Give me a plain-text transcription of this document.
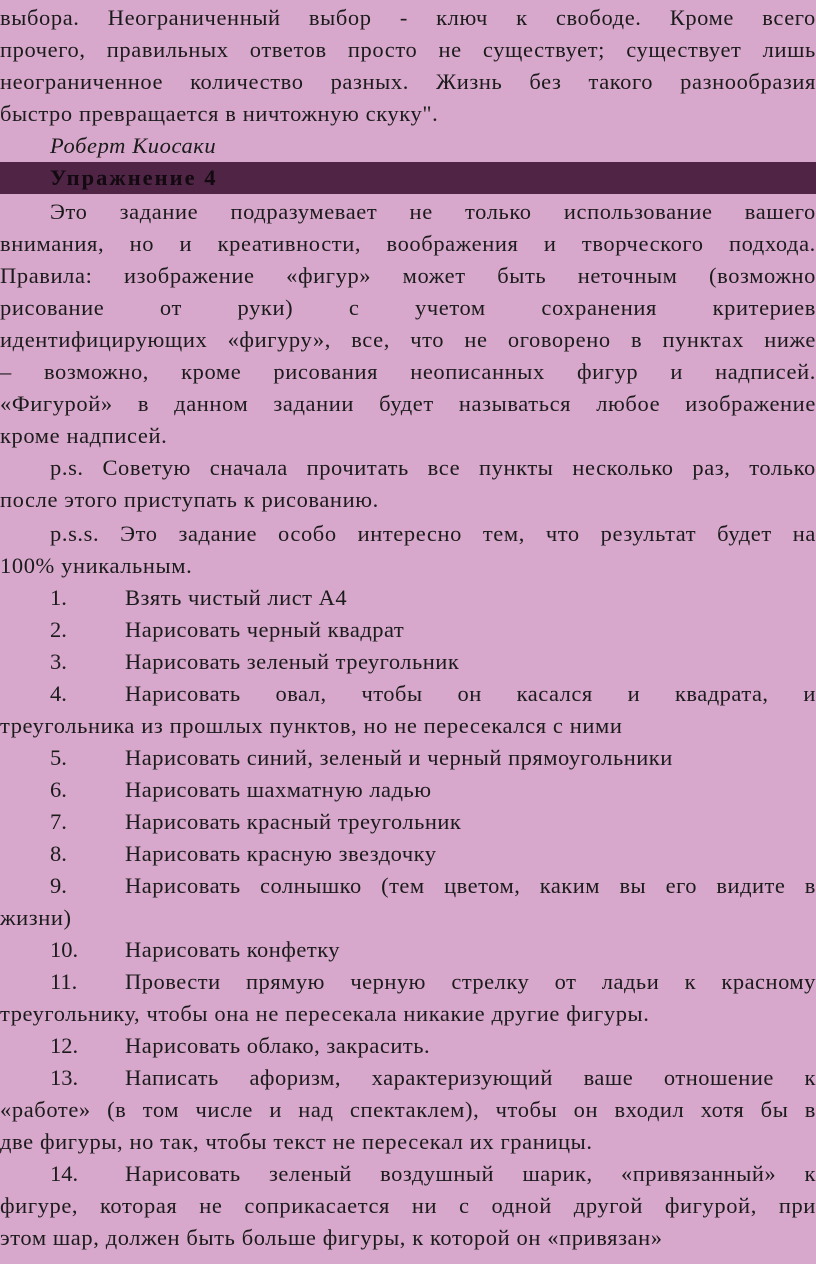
выбора. Неограниченный выбор - ключ к свободе. Кроме всего
прочего, правильных ответов просто не существует; существует лишь
неограниченное количество разных. Жизнь без такого разнообразия
быстро превращается в ничтожную скуку".
Роберт Киосаки
Упражнение 4
Это задание подразумевает не только использование вашего
внимания, но и креативности, воображения и творческого подхода.
Правила: изображение «фигур» может быть неточным (возможно
рисование от руки) с учетом сохранения критериев
идентифицирующих «фигуру», все, что не оговорено в пунктах ниже
– возможно, кроме рисования неописанных фигур и надписей.
«Фигурой» в данном задании будет называться любое изображение
кроме надписей.
p.s. Советую сначала прочитать все пункты несколько раз, только
после этого приступать к рисованию.
p.s.s. Это задание особо интересно тем, что результат будет на
100% уникальным.
1.	Взять чистый лист А4
2.	Нарисовать черный квадрат
3.	Нарисовать зеленый треугольник
4.	Нарисовать овал, чтобы он касался и квадрата, и
треугольника из прошлых пунктов, но не пересекался с ними
5.	Нарисовать синий, зеленый и черный прямоугольники
6.	Нарисовать шахматную ладью
7.	Нарисовать красный треугольник
8.	Нарисовать красную звездочку
9.	Нарисовать солнышко (тем цветом, каким вы его видите в
жизни)
10.	Нарисовать конфетку
11.	Провести прямую черную стрелку от ладьи к красному
треугольнику, чтобы она не пересекала никакие другие фигуры.
12.	Нарисовать облако, закрасить.
13.	Написать афоризм, характеризующий ваше отношение к
«работе» (в том числе и над спектаклем), чтобы он входил хотя бы в
две фигуры, но так, чтобы текст не пересекал их границы.
14.	Нарисовать зеленый воздушный шарик, «привязанный» к
фигуре, которая не соприкасается ни с одной другой фигурой, при
этом шар, должен быть больше фигуры, к которой он «привязан»
